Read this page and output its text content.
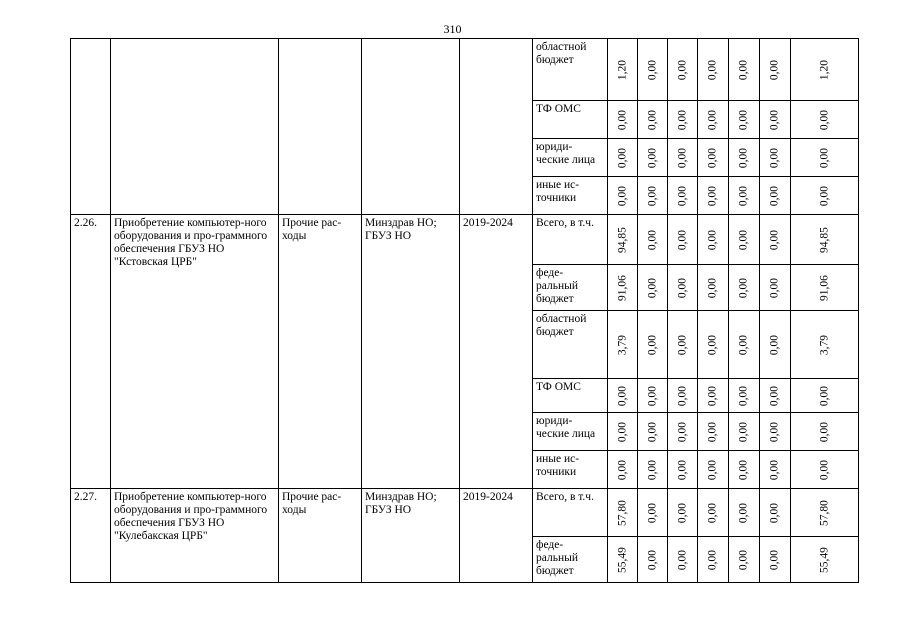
310
					областной бюджет	1,20	0,00	0,00	0,00	0,00	0,00	1,20

					ТФ ОМС	0,00	0,00	0,00	0,00	0,00	0,00	0,00

					юриди-ческие лица	0,00	0,00	0,00	0,00	0,00	0,00	0,00

					иные ис-точники	0,00	0,00	0,00	0,00	0,00	0,00	0,00

2.26.	Приобретение компьютер-ного оборудования и про-граммного обеспечения ГБУЗ НО "Кстовская ЦРБ"	Прочие рас-ходы	Минздрав НО; ГБУЗ НО	2019-2024	Всего, в т.ч.	94,85	0,00	0,00	0,00	0,00	0,00	94,85

					феде-ральный бюджет	91,06	0,00	0,00	0,00	0,00	0,00	91,06

					областной бюджет	3,79	0,00	0,00	0,00	0,00	0,00	3,79

					ТФ ОМС	0,00	0,00	0,00	0,00	0,00	0,00	0,00

					юриди-ческие лица	0,00	0,00	0,00	0,00	0,00	0,00	0,00

					иные ис-точники	0,00	0,00	0,00	0,00	0,00	0,00	0,00

2.27.	Приобретение компьютер-ного оборудования и про-граммного обеспечения ГБУЗ НО "Кулебакская ЦРБ"	Прочие рас-ходы	Минздрав НО; ГБУЗ НО	2019-2024	Всего, в т.ч.	57,80	0,00	0,00	0,00	0,00	0,00	57,80

					феде-ральный бюджет	55,49	0,00	0,00	0,00	0,00	0,00	55,49
